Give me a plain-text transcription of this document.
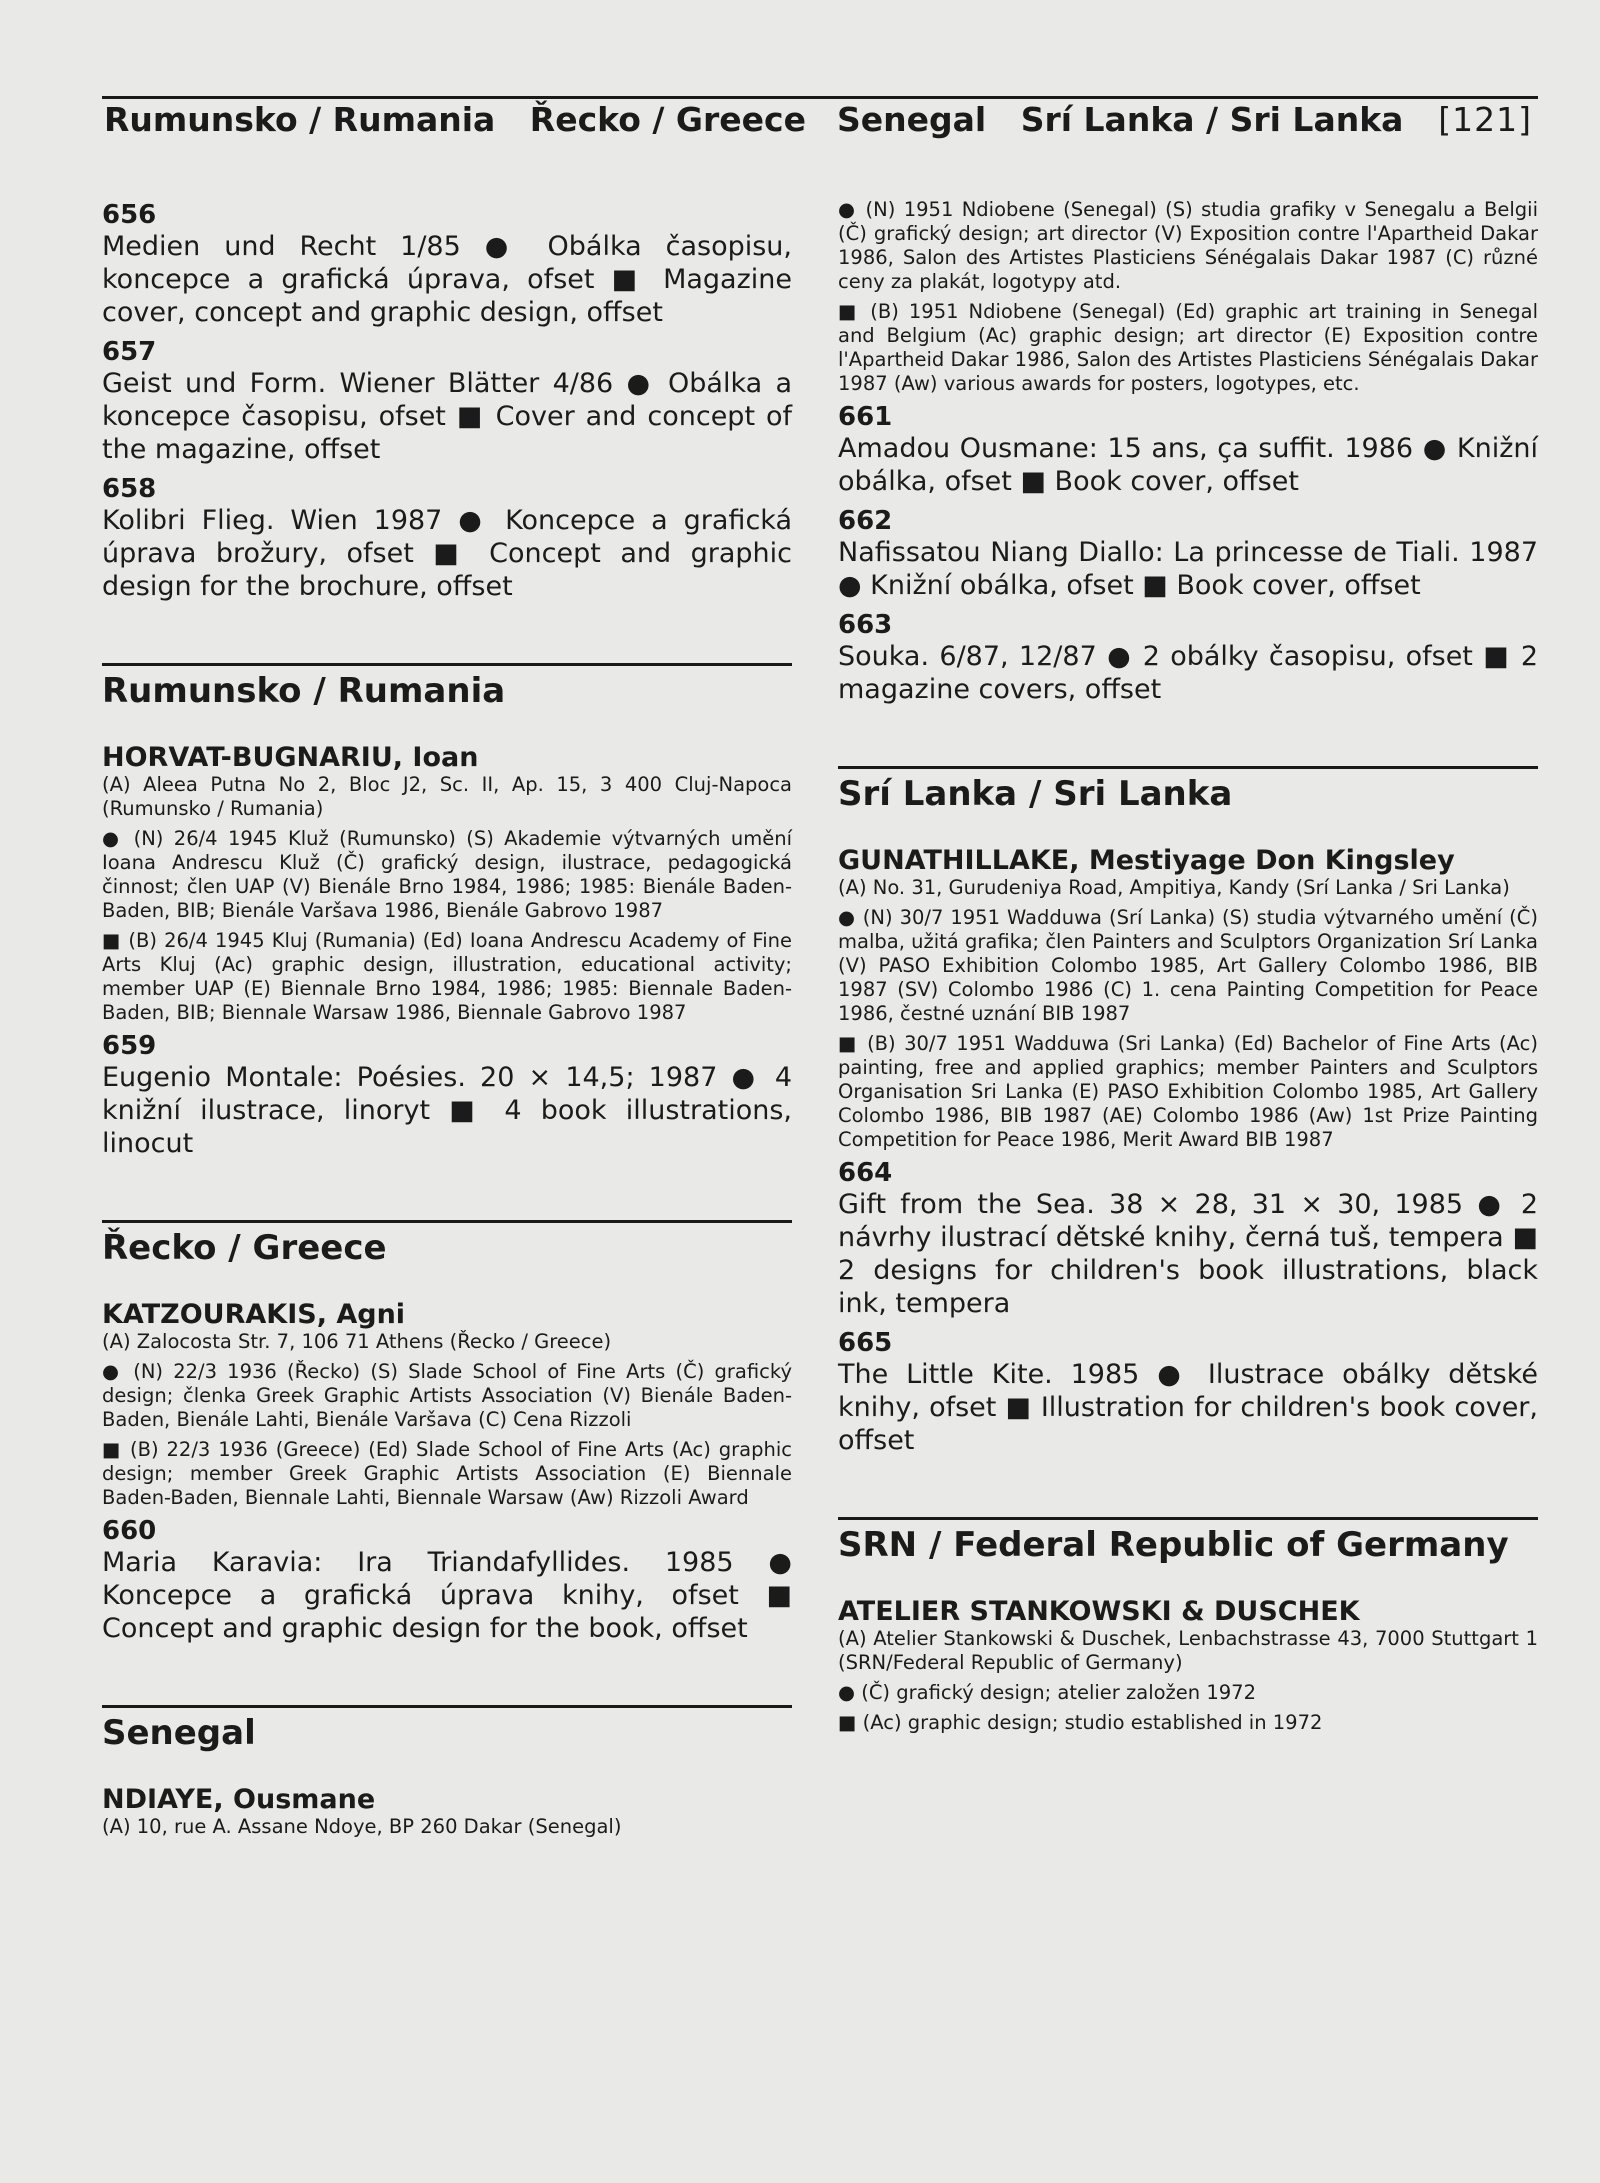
Rumunsko / Rumania   Řecko / Greece Senegal   Srí Lanka / Sri Lanka [121]
656
Medien und Recht 1/85 ● Obálka časopisu, koncepce a grafická úprava, ofset ■ Magazine cover, concept and graphic design, offset
657
Geist und Form. Wiener Blätter 4/86 ● Obálka a koncepce časopisu, ofset ■ Cover and concept of the magazine, offset
658
Kolibri Flieg. Wien 1987 ● Koncepce a grafická úprava brožury, ofset ■ Concept and graphic design for the brochure, offset
Rumunsko / Rumania
HORVAT-BUGNARIU, Ioan
(A) Aleea Putna No 2, Bloc J2, Sc. II, Ap. 15, 3 400 Cluj-Napoca (Rumunsko / Rumania)
● (N) 26/4 1945 Kluž (Rumunsko) (S) Akademie výtvarných umění Ioana Andrescu Kluž (Č) grafický design, ilustrace, pedagogická činnost; člen UAP (V) Bienále Brno 1984, 1986; 1985: Bienále Baden-Baden, BIB; Bienále Varšava 1986, Bienále Gabrovo 1987
■ (B) 26/4 1945 Kluj (Rumania) (Ed) Ioana Andrescu Academy of Fine Arts Kluj (Ac) graphic design, illustration, educational activity; member UAP (E) Biennale Brno 1984, 1986; 1985: Biennale Baden-Baden, BIB; Biennale Warsaw 1986, Biennale Gabrovo 1987
659
Eugenio Montale: Poésies. 20 × 14,5; 1987 ● 4 knižní ilustrace, linoryt ■ 4 book illustrations, linocut
Řecko / Greece
KATZOURAKIS, Agni
(A) Zalocosta Str. 7, 106 71 Athens (Řecko / Greece)
● (N) 22/3 1936 (Řecko) (S) Slade School of Fine Arts (Č) grafický design; členka Greek Graphic Artists Association (V) Bienále Baden-Baden, Bienále Lahti, Bienále Varšava (C) Cena Rizzoli
■ (B) 22/3 1936 (Greece) (Ed) Slade School of Fine Arts (Ac) graphic design; member Greek Graphic Artists Association (E) Biennale Baden-Baden, Biennale Lahti, Biennale Warsaw (Aw) Rizzoli Award
660
Maria Karavia: Ira Triandafyllides. 1985 ● Koncepce a grafická úprava knihy, ofset ■ Concept and graphic design for the book, offset
Senegal
NDIAYE, Ousmane
(A) 10, rue A. Assane Ndoye, BP 260 Dakar (Senegal)
● (N) 1951 Ndiobene (Senegal) (S) studia grafiky v Senegalu a Belgii (Č) grafický design; art director (V) Exposition contre l'Apartheid Dakar 1986, Salon des Artistes Plasticiens Sénégalais Dakar 1987 (C) různé ceny za plakát, logotypy atd.
■ (B) 1951 Ndiobene (Senegal) (Ed) graphic art training in Senegal and Belgium (Ac) graphic design; art director (E) Exposition contre l'Apartheid Dakar 1986, Salon des Artistes Plasticiens Sénégalais Dakar 1987 (Aw) various awards for posters, logotypes, etc.
661
Amadou Ousmane: 15 ans, ça suffit. 1986 ● Knižní obálka, ofset ■ Book cover, offset
662
Nafissatou Niang Diallo: La princesse de Tiali. 1987 ● Knižní obálka, ofset ■ Book cover, offset
663
Souka. 6/87, 12/87 ● 2 obálky časopisu, ofset ■ 2 magazine covers, offset
Srí Lanka / Sri Lanka
GUNATHILLAKE, Mestiyage Don Kingsley
(A) No. 31, Gurudeniya Road, Ampitiya, Kandy (Srí Lanka / Sri Lanka)
● (N) 30/7 1951 Wadduwa (Srí Lanka) (S) studia výtvarného umění (Č) malba, užitá grafika; člen Painters and Sculptors Organization Srí Lanka (V) PASO Exhibition Colombo 1985, Art Gallery Colombo 1986, BIB 1987 (SV) Colombo 1986 (C) 1. cena Painting Competition for Peace 1986, čestné uznání BIB 1987
■ (B) 30/7 1951 Wadduwa (Sri Lanka) (Ed) Bachelor of Fine Arts (Ac) painting, free and applied graphics; member Painters and Sculptors Organisation Sri Lanka (E) PASO Exhibition Colombo 1985, Art Gallery Colombo 1986, BIB 1987 (AE) Colombo 1986 (Aw) 1st Prize Painting Competition for Peace 1986, Merit Award BIB 1987
664
Gift from the Sea. 38 × 28, 31 × 30, 1985 ● 2 návrhy ilustrací dětské knihy, černá tuš, tempera ■ 2 designs for children's book illustrations, black ink, tempera
665
The Little Kite. 1985 ● Ilustrace obálky dětské knihy, ofset ■ Illustration for children's book cover, offset
SRN / Federal Republic of Germany
ATELIER STANKOWSKI & DUSCHEK
(A) Atelier Stankowski & Duschek, Lenbachstrasse 43, 7000 Stuttgart 1 (SRN/Federal Republic of Germany)
● (Č) grafický design; atelier založen 1972
■ (Ac) graphic design; studio established in 1972
